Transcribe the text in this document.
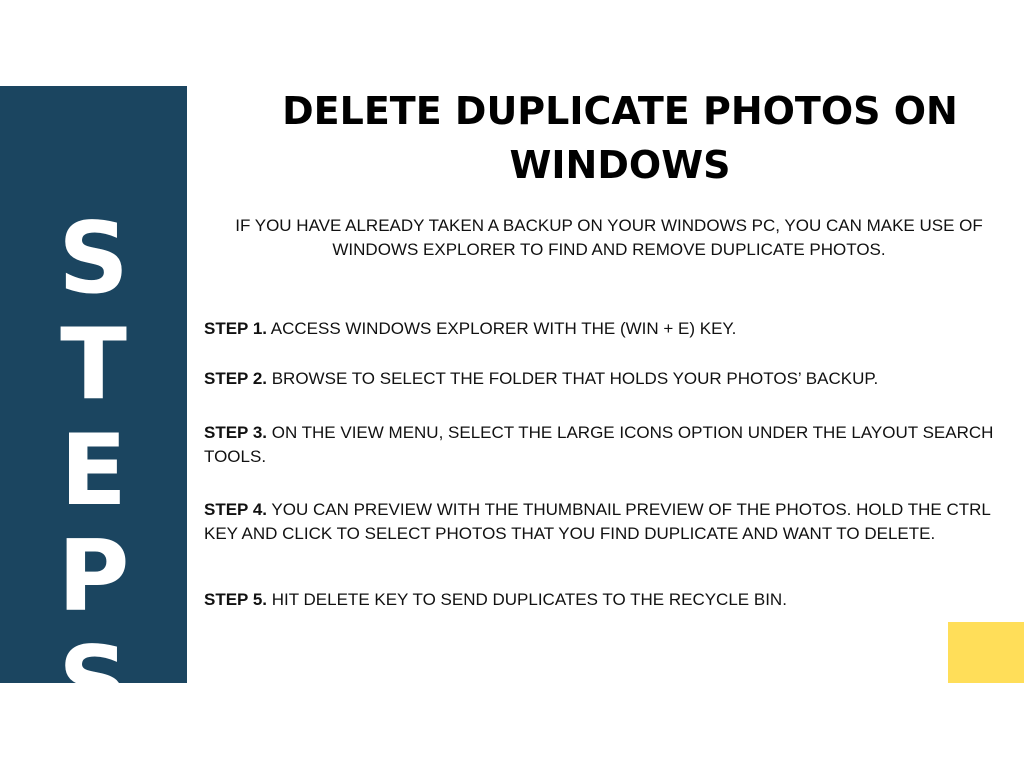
S
T
E
P
S
DELETE DUPLICATE PHOTOS ON WINDOWS

IF YOU HAVE ALREADY TAKEN A BACKUP ON YOUR WINDOWS PC, YOU CAN MAKE USE OF WINDOWS EXPLORER TO FIND AND REMOVE DUPLICATE PHOTOS.

STEP 1. ACCESS WINDOWS EXPLORER WITH THE (WIN + E) KEY.

STEP 2. BROWSE TO SELECT THE FOLDER THAT HOLDS YOUR PHOTOS’ BACKUP.

STEP 3. ON THE VIEW MENU, SELECT THE LARGE ICONS OPTION UNDER THE LAYOUT SEARCH TOOLS.

STEP 4. YOU CAN PREVIEW WITH THE THUMBNAIL PREVIEW OF THE PHOTOS. HOLD THE CTRL KEY AND CLICK TO SELECT PHOTOS THAT YOU FIND DUPLICATE AND WANT TO DELETE.

STEP 5. HIT DELETE KEY TO SEND DUPLICATES TO THE RECYCLE BIN.
